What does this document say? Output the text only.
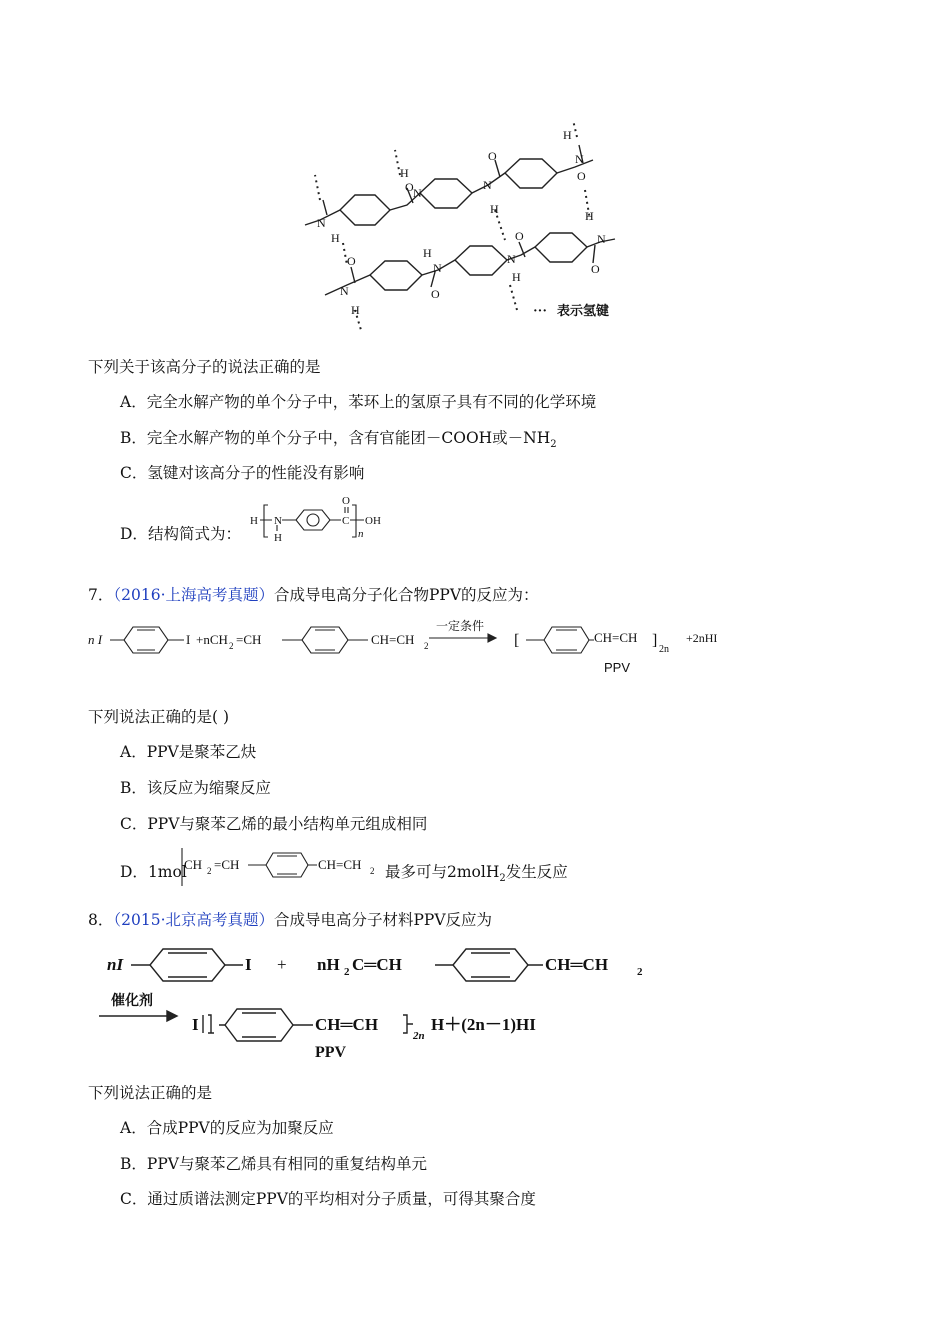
N
H
O
H
N
N
H
O
H
N
O
H
N
O
N
H
H
N
O
N
H
O
O
··· 表示氢键
下列关于该高分子的说法正确的是
A．完全水解产物的单个分子中，苯环上的氢原子具有不同的化学环境
B．完全水解产物的单个分子中，含有官能团－COOH或$-NH_2$
C．氢键对该高分子的性能没有影响
D．结构简式为：
H N
H
C
O
OH
n
7．（2016·上海高考真题）合成导电高分子化合物PPV的反应为：
n I	I +nCH 2 =CH	CH=CH 2
一定条件
[	CH=CH ]
2n
+2nHI
PPV
下列说法正确的是( )
A．PPV是聚苯乙炔
B．该反应为缩聚反应
C．PPV与聚苯乙烯的最小结构单元组成相同
D．1mol
CH 2 =CH	CH=CH 2 最多可与2molH$_2$发生反应
8．（2015·北京高考真题）合成导电高分子材料PPV反应为
nI	I + nH 2 C═CH	CH═CH	2
催化剂
I	CH═CH
2n
H＋(2n－1)HI
PPV
下列说法正确的是
A．合成PPV的反应为加聚反应
B．PPV与聚苯乙烯具有相同的重复结构单元
C．通过质谱法测定PPV的平均相对分子质量，可得其聚合度
